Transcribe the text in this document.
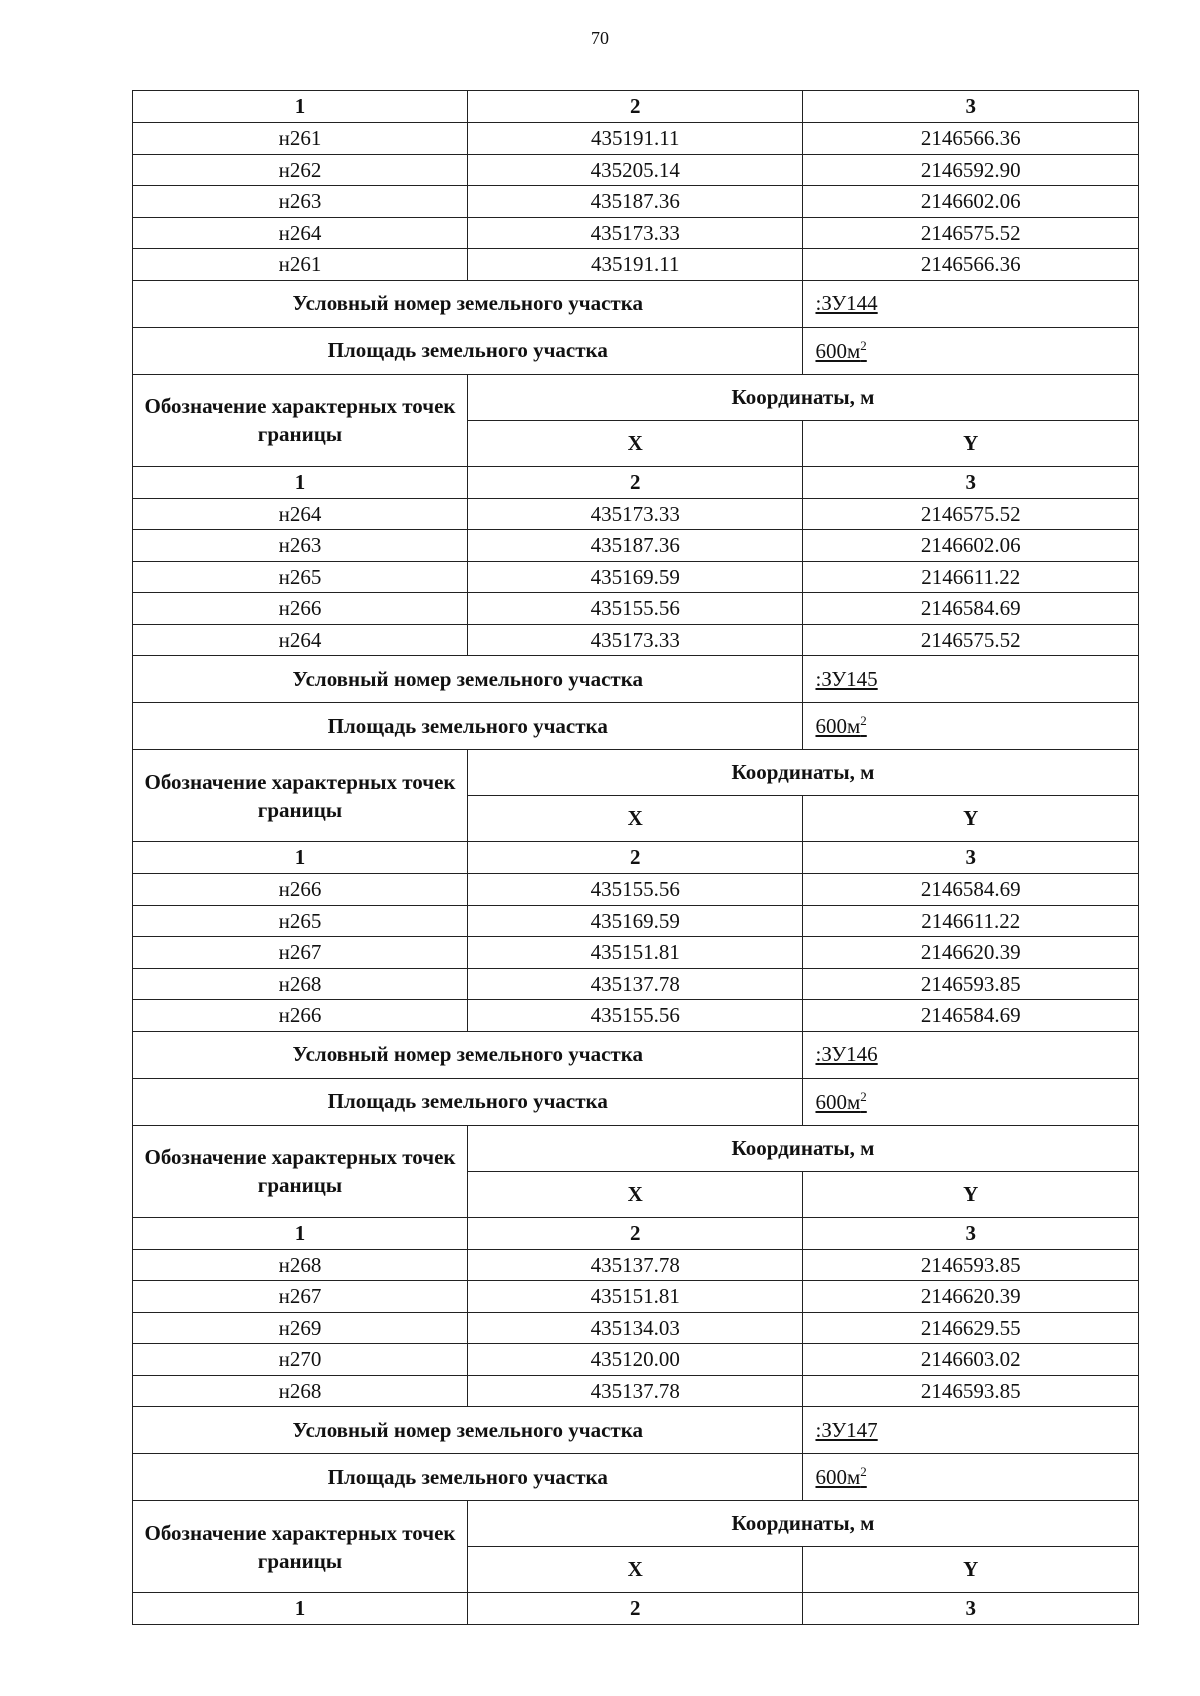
70
1	2	3
н261	435191.11	2146566.36
н262	435205.14	2146592.90
н263	435187.36	2146602.06
н264	435173.33	2146575.52
н261	435191.11	2146566.36
Условный номер земельного участка		:ЗУ144
Площадь земельного участка		$600м^2$
Обозначение характерных точек границы	Координаты, м	
	X	Y
1	2	3
н264	435173.33	2146575.52
н263	435187.36	2146602.06
н265	435169.59	2146611.22
н266	435155.56	2146584.69
н264	435173.33	2146575.52
Условный номер земельного участка		:ЗУ145
Площадь земельного участка		$600м^2$
Обозначение характерных точек границы	Координаты, м	
	X	Y
1	2	3
н266	435155.56	2146584.69
н265	435169.59	2146611.22
н267	435151.81	2146620.39
н268	435137.78	2146593.85
н266	435155.56	2146584.69
Условный номер земельного участка		:ЗУ146
Площадь земельного участка		$600м^2$
Обозначение характерных точек границы	Координаты, м	
	X	Y
1	2	3
н268	435137.78	2146593.85
н267	435151.81	2146620.39
н269	435134.03	2146629.55
н270	435120.00	2146603.02
н268	435137.78	2146593.85
Условный номер земельного участка		:ЗУ147
Площадь земельного участка		$600м^2$
Обозначение характерных точек границы	Координаты, м	
	X	Y
1	2	3
